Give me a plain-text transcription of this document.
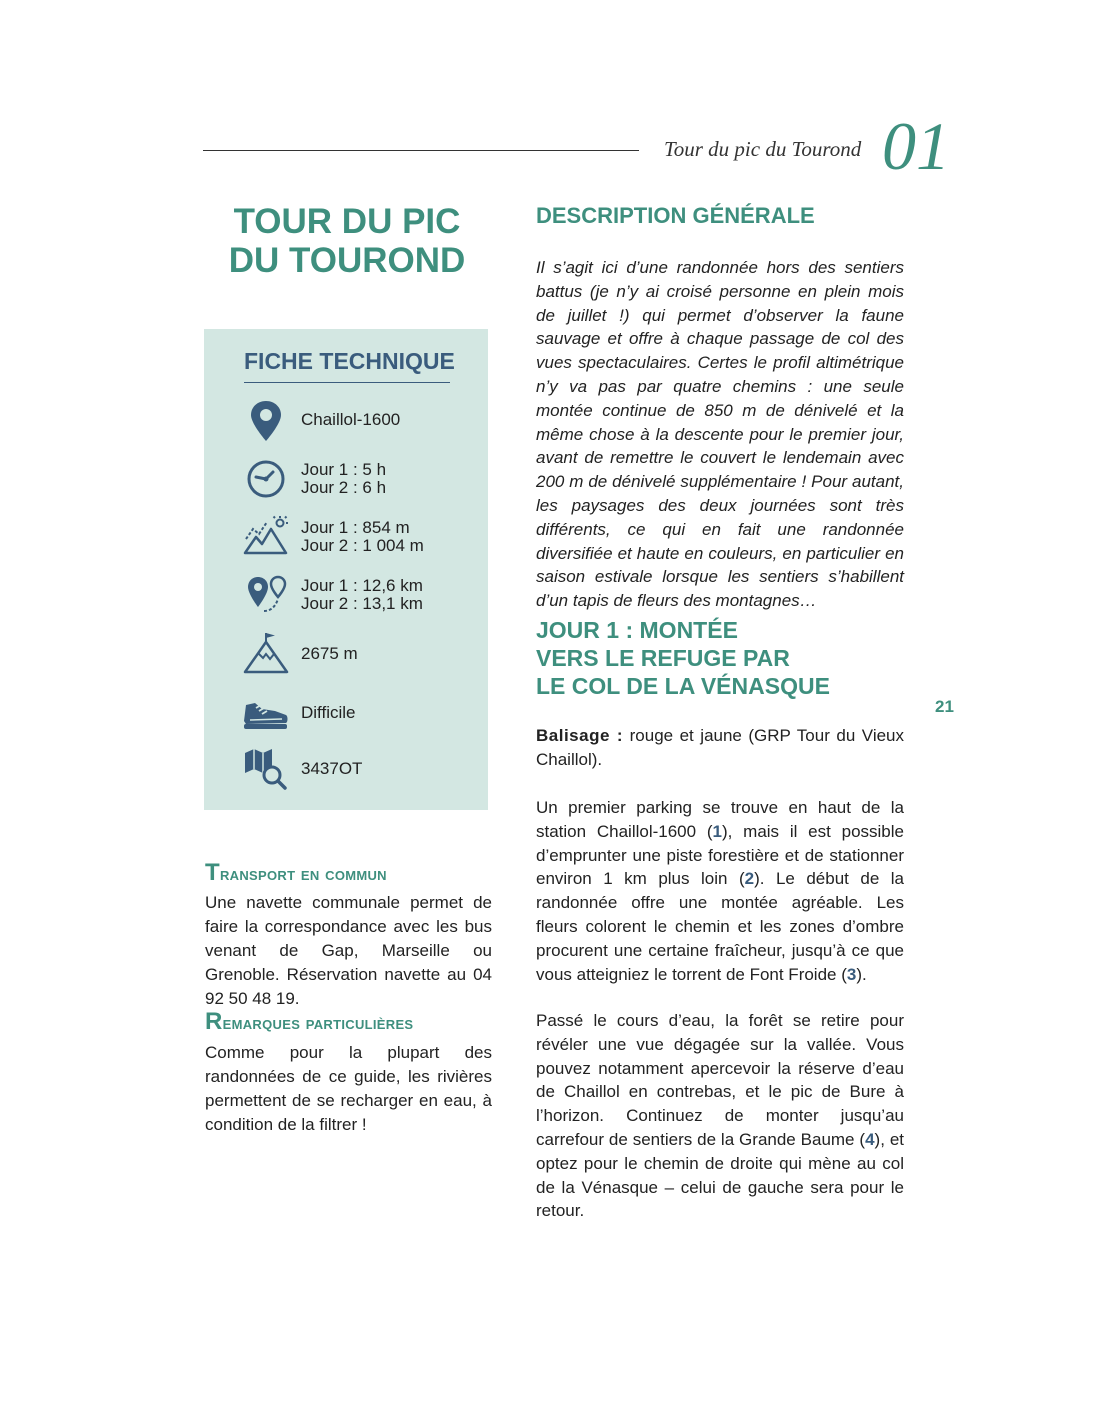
Tour du pic du Tourond 01
TOUR DU PIC
DU TOUROND
FICHE TECHNIQUE
Chaillol-1600
Jour 1 : 5 h
Jour 2 : 6 h
Jour 1 : 854 m
Jour 2 : 1 004 m
Jour 1 : 12,6 km
Jour 2 : 13,1 km
2675 m
Difficile
3437OT
Transport en commun

Une navette communale permet de faire la correspondance avec les bus venant de Gap, Marseille ou Grenoble. Réservation navette au 04 92 50 48 19.

Remarques particulières

Comme pour la plupart des randonnées de ce guide, les rivières permettent de se recharger en eau, à condition de la filtrer !

DESCRIPTION GÉNÉRALE

Il s’agit ici d’une randonnée hors des sentiers battus (je n’y ai croisé personne en plein mois de juillet !) qui permet d’observer la faune sauvage et offre à chaque passage de col des vues spectaculaires. Certes le profil altimétrique n’y va pas par quatre chemins : une seule montée continue de 850 m de dénivelé et la même chose à la descente pour le premier jour, avant de remettre le couvert le lendemain avec 200 m de dénivelé supplémentaire ! Pour autant, les paysages des deux journées sont très différents, ce qui en fait une randonnée diversifiée et haute en couleurs, en particulier en saison estivale lorsque les sentiers s’habillent d’un tapis de fleurs des montagnes…

JOUR 1 : MONTÉE
VERS LE REFUGE PAR
LE COL DE LA VÉNASQUE

Balisage : rouge et jaune (GRP Tour du Vieux Chaillol).

Un premier parking se trouve en haut de la station Chaillol-1600 (1), mais il est possible d’emprunter une piste forestière et de stationner environ 1 km plus loin (2). Le début de la randonnée offre une montée agréable. Les fleurs colorent le chemin et les zones d’ombre procurent une certaine fraîcheur, jusqu’à ce que vous atteigniez le torrent de Font Froide (3).

Passé le cours d’eau, la forêt se retire pour révéler une vue dégagée sur la vallée. Vous pouvez notamment apercevoir la réserve d’eau de Chaillol en contrebas, et le pic de Bure à l’horizon. Continuez de monter jusqu’au carrefour de sentiers de la Grande Baume (4), et optez pour le chemin de droite qui mène au col de la Vénasque – celui de gauche sera pour le retour.

21
